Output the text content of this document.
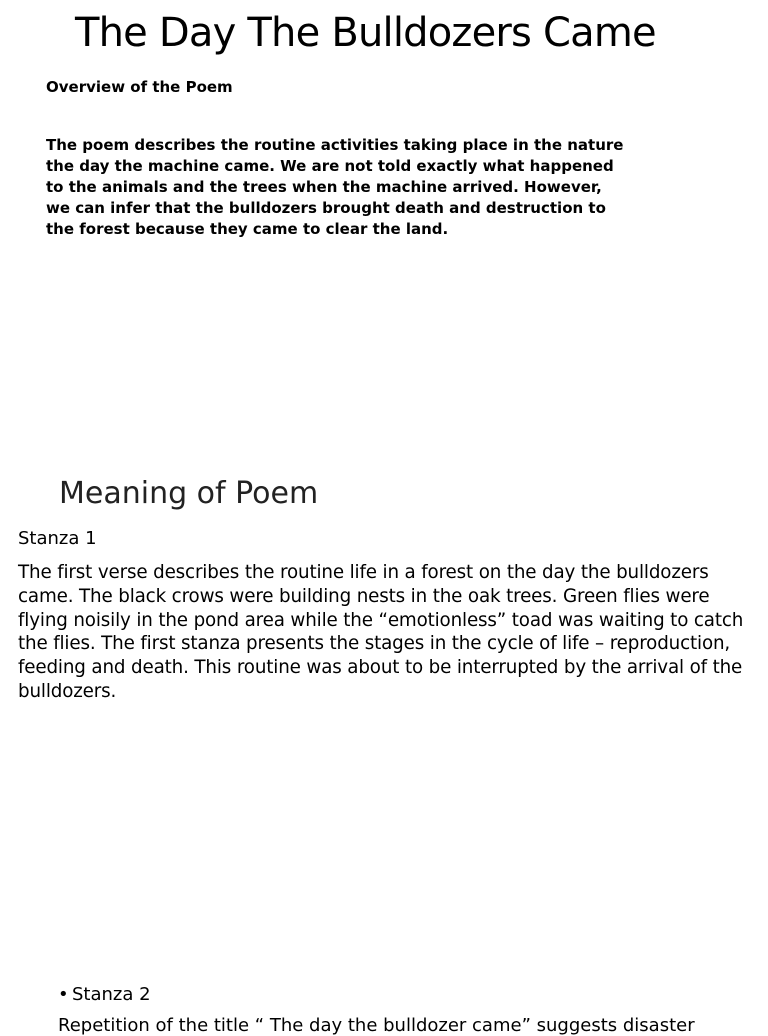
The Day The Bulldozers Came

Overview of the Poem

The poem describes the routine activities taking place in the nature the day the machine came. We are not told exactly what happened to the animals and the trees when the machine arrived. However, we can infer that the bulldozers brought death and destruction to the forest because they came to clear the land.

Meaning of Poem

Stanza 1

The first verse describes the routine life in a forest on the day the bulldozers came. The black crows were building nests in the oak trees. Green flies were flying noisily in the pond area while the “emotionless” toad was waiting to catch the flies. The first stanza presents the stages in the cycle of life – reproduction, feeding and death. This routine was about to be interrupted by the arrival of the bulldozers.

• Stanza 2

Repetition of the title “ The day the bulldozer came” suggests disaster
